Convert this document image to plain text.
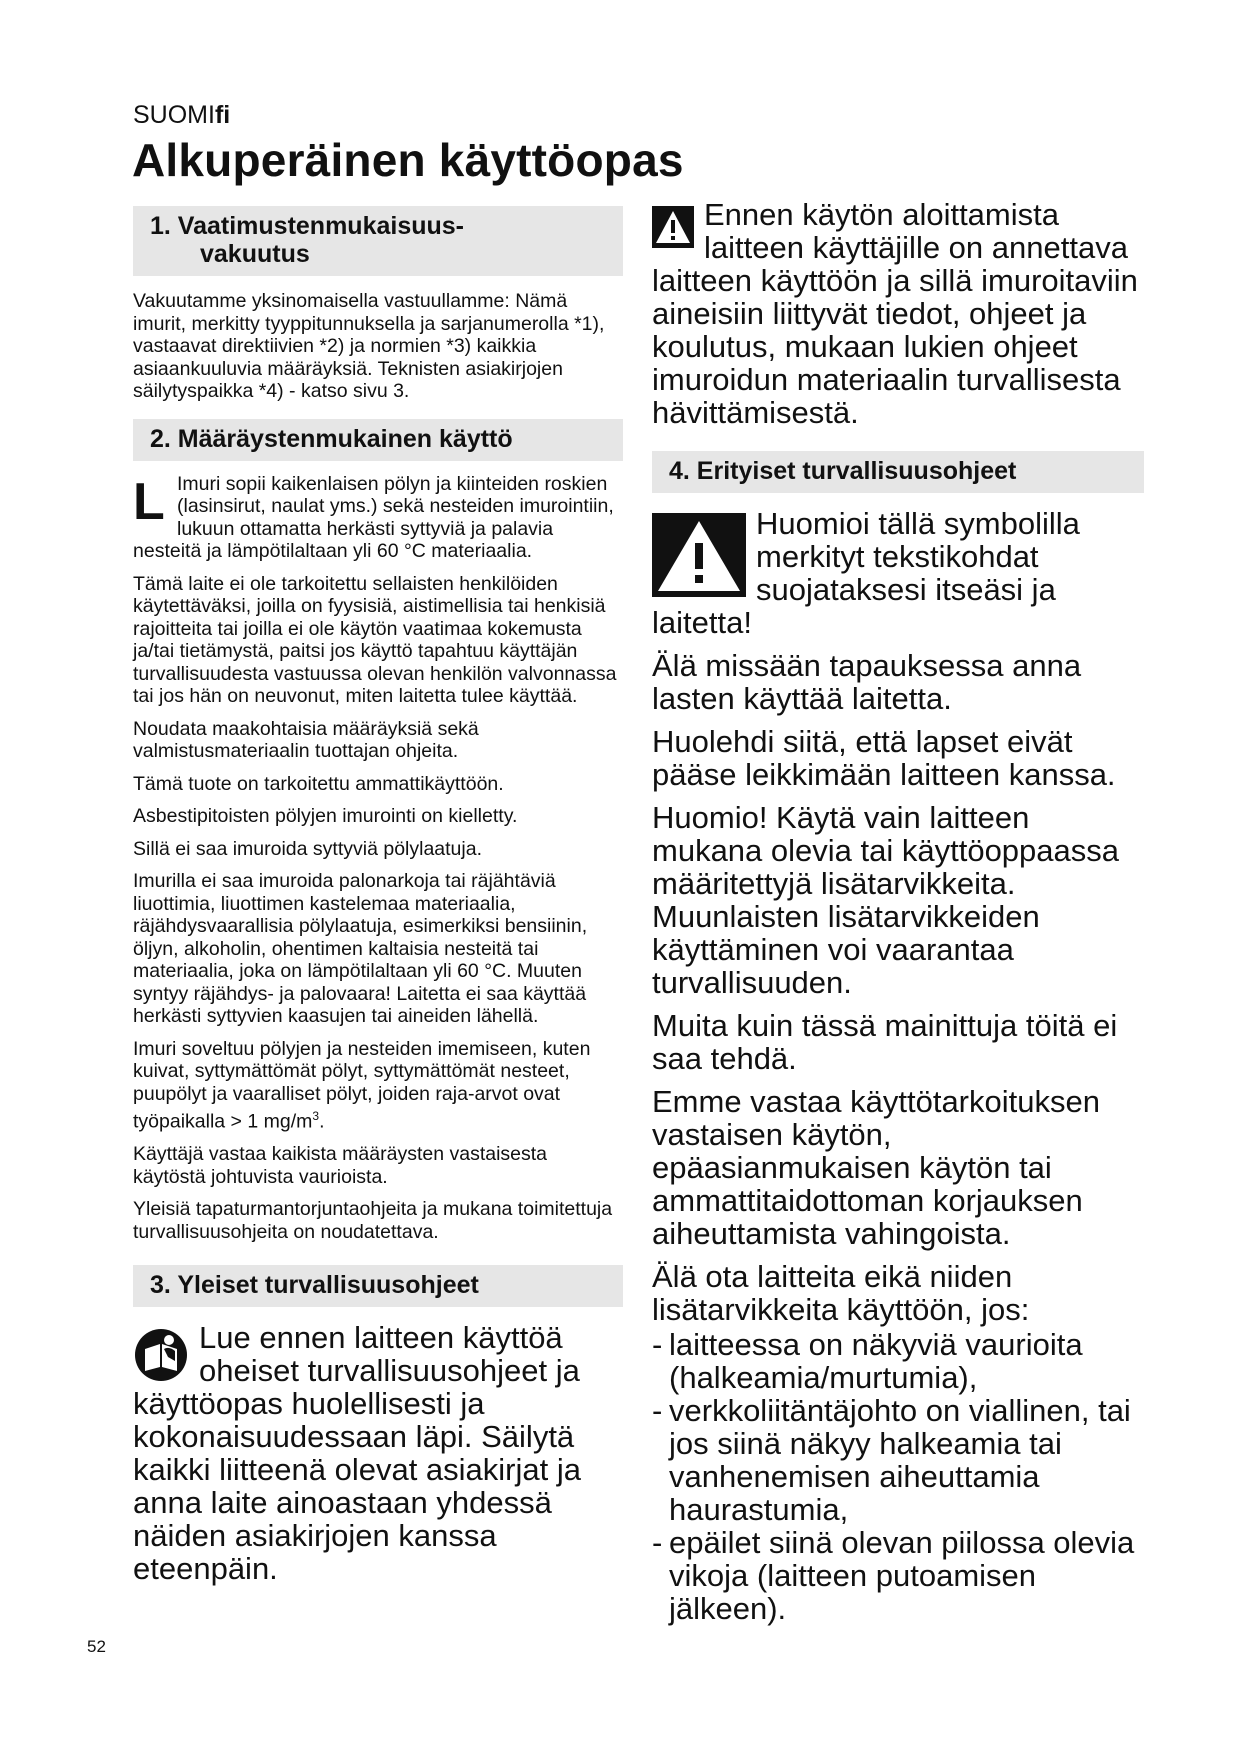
SUOMIfi
Alkuperäinen käyttöopas
1. Vaatimustenmukaisuus-
vakuutus

Vakuutamme yksinomaisella vastuullamme: Nämä imurit, merkitty tyyppitunnuksella ja sarjanumerolla *1), vastaavat direktiivien *2) ja normien *3) kaikkia asiaankuuluvia määräyksiä. Teknisten asiakirjojen säilytyspaikka *4) - katso sivu 3.

2. Määräystenmukainen käyttö

L Imuri sopii kaikenlaisen pölyn ja kiinteiden roskien (lasinsirut, naulat yms.) sekä nesteiden imurointiin, lukuun ottamatta herkästi syttyviä ja palavia nesteitä ja lämpötilaltaan yli 60 °C materiaalia.

Tämä laite ei ole tarkoitettu sellaisten henkilöiden käytettäväksi, joilla on fyysisiä, aistimellisia tai henkisiä rajoitteita tai joilla ei ole käytön vaatimaa kokemusta ja/tai tietämystä, paitsi jos käyttö tapahtuu käyttäjän turvallisuudesta vastuussa olevan henkilön valvonnassa tai jos hän on neuvonut, miten laitetta tulee käyttää.

Noudata maakohtaisia määräyksiä sekä valmistusmateriaalin tuottajan ohjeita.

Tämä tuote on tarkoitettu ammattikäyttöön.

Asbestipitoisten pölyjen imurointi on kielletty.

Sillä ei saa imuroida syttyviä pölylaatuja.

Imurilla ei saa imuroida palonarkoja tai räjähtäviä liuottimia, liuottimen kastelemaa materiaalia, räjähdysvaarallisia pölylaatuja, esimerkiksi bensiinin, öljyn, alkoholin, ohentimen kaltaisia nesteitä tai materiaalia, joka on lämpötilaltaan yli 60 °C. Muuten syntyy räjähdys- ja palovaara! Laitetta ei saa käyttää herkästi syttyvien kaasujen tai aineiden lähellä.

Imuri soveltuu pölyjen ja nesteiden imemiseen, kuten kuivat, syttymättömät pölyt, syttymättömät nesteet, puupölyt ja vaaralliset pölyt, joiden raja-arvot ovat työpaikalla > 1 $mg/m^3$.

Käyttäjä vastaa kaikista määräysten vastaisesta käytöstä johtuvista vaurioista.

Yleisiä tapaturmantorjuntaohjeita ja mukana toimitettuja turvallisuusohjeita on noudatettava.

3. Yleiset turvallisuusohjeet

Lue ennen laitteen käyttöä oheiset turvallisuusohjeet ja käyttöopas huolellisesti ja kokonaisuudessaan läpi. Säilytä kaikki liitteenä olevat asiakirjat ja anna laite ainoastaan yhdessä näiden asiakirjojen kanssa eteenpäin.

Ennen käytön aloittamista laitteen käyttäjille on annettava laitteen käyttöön ja sillä imuroitaviin aineisiin liittyvät tiedot, ohjeet ja koulutus, mukaan lukien ohjeet imuroidun materiaalin turvallisesta hävittämisestä.

4. Erityiset turvallisuusohjeet

Huomioi tällä symbolilla merkityt tekstikohdat suojataksesi itseäsi ja laitetta!

Älä missään tapauksessa anna lasten käyttää laitetta.

Huolehdi siitä, että lapset eivät pääse leikkimään laitteen kanssa.

Huomio! Käytä vain laitteen mukana olevia tai käyttöoppaassa määritettyjä lisätarvikkeita. Muunlaisten lisätarvikkeiden käyttäminen voi vaarantaa turvallisuuden.

Muita kuin tässä mainittuja töitä ei saa tehdä.

Emme vastaa käyttötarkoituksen vastaisen käytön, epäasianmukaisen käytön tai ammattitaidottoman korjauksen aiheuttamista vahingoista.

Älä ota laitteita eikä niiden lisätarvikkeita käyttöön, jos:

- laitteessa on näkyviä vaurioita (halkeamia/murtumia),
- verkkoliitäntäjohto on viallinen, tai jos siinä näkyy halkeamia tai vanhenemisen aiheuttamia haurastumia,
- epäilet siinä olevan piilossa olevia vikoja (laitteen putoamisen jälkeen).
52
